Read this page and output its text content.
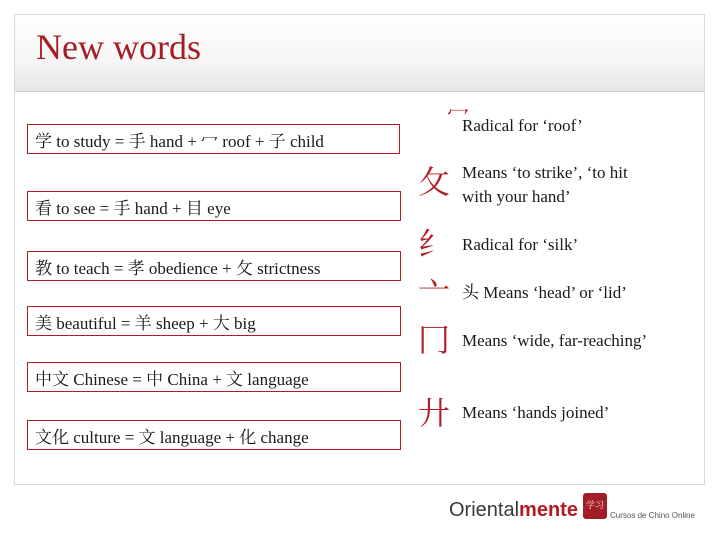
New words
学 to study = 手 hand + 冖 roof + 子 child
看 to see = 手 hand + 目 eye
教 to teach = 孝 obedience + 攵 strictness
美 beautiful = 羊 sheep + 大 big
中文 Chinese = 中 China + 文 language
文化 culture = 文 language + 化 change
冖
Radical for ‘roof’
攵 Means ‘to strike’, ‘to hit
with your hand’
纟 Radical for ‘silk’
亠 头 Means ‘head’ or ‘lid’
冂 Means ‘wide, far-reaching’
廾 Means ‘hands joined’
Orientalmente 学习
Cursos de Chino Online
